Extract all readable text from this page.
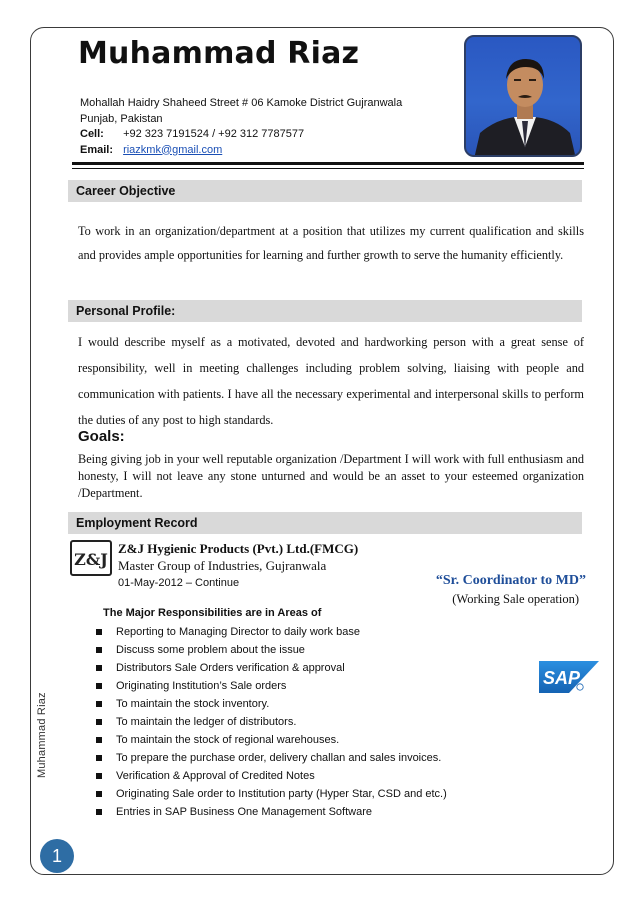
Muhammad Riaz
1
Muhammad Riaz
Mohallah Haidry Shaheed Street # 06 Kamoke District Gujranwala
Punjab, Pakistan
Cell: +92 323 7191524 / +92 312 7787577
Email: riazkmk@gmail.com
Career Objective

To work in an organization/department at a position that utilizes my current qualification and skills and provides ample opportunities for learning and further growth to serve the humanity efficiently.

Personal Profile:

I would describe myself as a motivated, devoted and hardworking person with a great sense of responsibility, well in meeting challenges including problem solving, liaising with people and communication with patients. I have all the necessary experimental and interpersonal skills to perform the duties of any post to high standards.

Goals:

Being giving job in your well reputable organization /Department I will work with full enthusiasm and honesty, I will not leave any stone unturned and would be an asset to your esteemed organization /Department.

Employment Record
Z&J
Z&J Hygienic Products (Pvt.) Ltd.(FMCG)
Master Group of Industries, Gujranwala
01-May-2012 – Continue	“Sr. Coordinator to MD”
(Working Sale operation)
The Major Responsibilities are in Areas of
Reporting to Managing Director to daily work base
Discuss some problem about the issue
Distributors Sale Orders verification & approval
Originating Institution’s Sale orders
To maintain the stock inventory.
To maintain the ledger of distributors.
To maintain the stock of regional warehouses.
To prepare the purchase order, delivery challan and sales invoices.
Verification & Approval of Credited Notes
Originating Sale order to Institution party (Hyper Star, CSD and etc.)
Entries in SAP Business One Management Software
SAP
